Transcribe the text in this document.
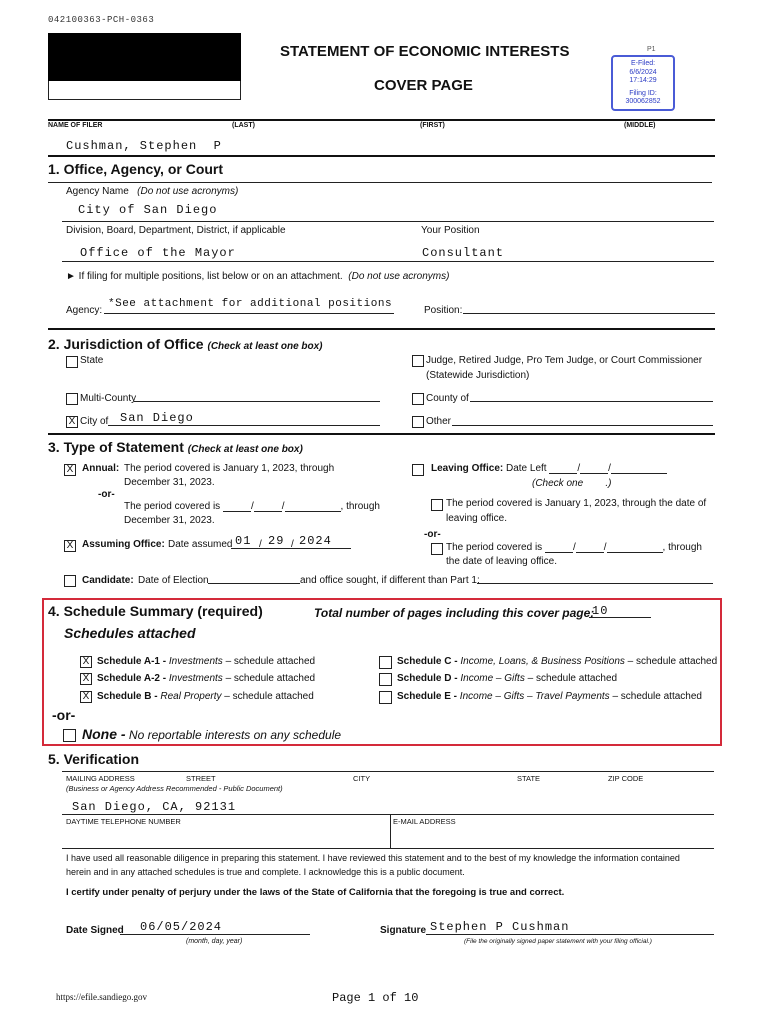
042100363-PCH-0363
STATEMENT OF ECONOMIC INTERESTS
COVER PAGE
P1
E-Filed:
6/6/2024
17:14:29
Filing ID:
300062852
NAME OF FILER	(LAST)	(FIRST)	(MIDDLE)
Cushman, Stephen  P
1. Office, Agency, or Court
Agency Name (Do not use acronyms)
City of San Diego
Division, Board, Department, District, if applicable	Your Position
Office of the Mayor	Consultant
► If filing for multiple positions, list below or on an attachment. (Do not use acronyms)
Agency:
*See attachment for additional positions
Position:
2. Jurisdiction of Office (Check at least one box)
State	Judge, Retired Judge, Pro Tem Judge, or Court Commissioner
(Statewide Jurisdiction)
Multi-County	County of
X City of San Diego	Other
3. Type of Statement (Check at least one box)
X Annual: The period covered is January 1, 2023, through
December 31, 2023.
-or-
The period covered is	/	/	, through
December 31, 2023.
Leaving Office: Date Left	/	/
(Check one .)
The period covered is January 1, 2023, through the date of
leaving office.
-or-
The period covered is	/	/	, through
the date of leaving office.
X Assuming Office: Date assumed 01 / 29 / 2024
Candidate: Date of Election	and office sought, if different than Part 1:
4. Schedule Summary (required)	Total number of pages including this cover page:
10
Schedules attached
X Schedule A-1 - Investments – schedule attached
X Schedule A-2 - Investments – schedule attached
X Schedule B - Real Property – schedule attached
Schedule C - Income, Loans, & Business Positions – schedule attached
Schedule D - Income – Gifts – schedule attached
Schedule E - Income – Gifts – Travel Payments – schedule attached
-or-
None - No reportable interests on any schedule
5. Verification
MAILING ADDRESS	STREET	CITY	STATE	ZIP CODE
(Business or Agency Address Recommended - Public Document)
San Diego, CA, 92131
DAYTIME TELEPHONE NUMBER	E-MAIL ADDRESS
I have used all reasonable diligence in preparing this statement. I have reviewed this statement and to the best of my knowledge the information contained
herein and in any attached schedules is true and complete. I acknowledge this is a public document.
I certify under penalty of perjury under the laws of the State of California that the foregoing is true and correct.
Date Signed 06/05/2024
(month, day, year)
Signature Stephen P Cushman
(File the originally signed paper statement with your filing official.)
https://efile.sandiego.gov	Page 1 of 10
